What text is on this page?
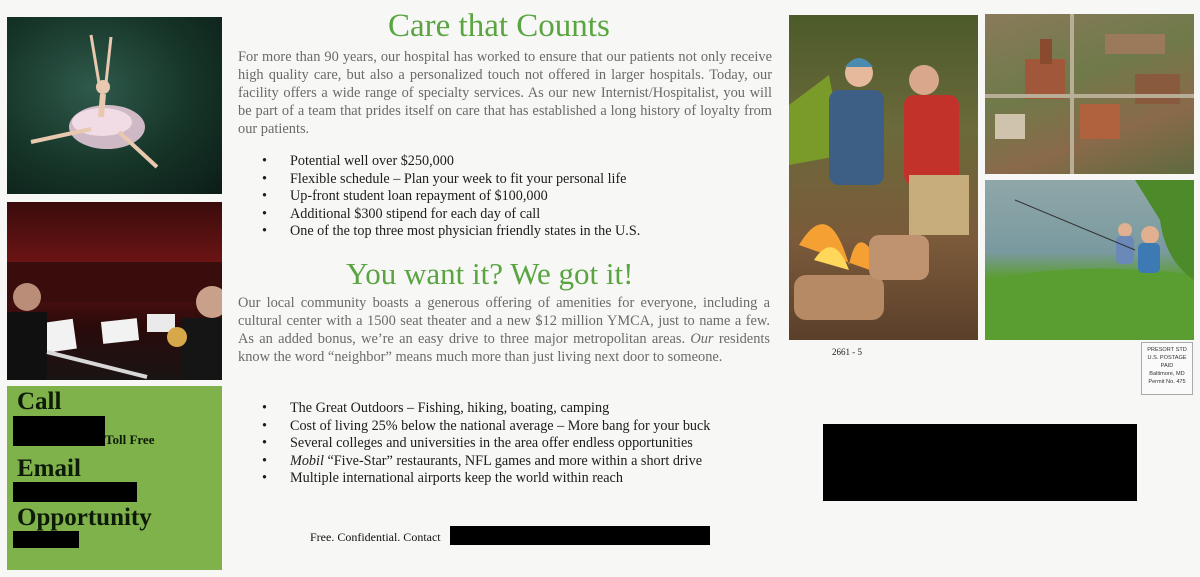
Call
Toll Free
Email
Opportunity
Care that Counts
For more than 90 years, our hospital has worked to ensure that our patients not only receive high quality care, but also a personalized touch not offered in larger hospitals. Today, our facility offers a wide range of specialty services. As our new Internist/Hospitalist, you will be part of a team that prides itself on care that has established a long history of loyalty from our patients.
• Potential well over $250,000
• Flexible schedule – Plan your week to fit your personal life
• Up-front student loan repayment of $100,000
• Additional $300 stipend for each day of call
• One of the top three most physician friendly states in the U.S.
You want it? We got it!
Our local community boasts a generous offering of amenities for everyone, including a cultural center with a 1500 seat theater and a new $12 million YMCA, just to name a few. As an added bonus, we’re an easy drive to three major metropolitan areas. Our residents know the word “neighbor” means much more than just living next door to someone.
• The Great Outdoors – Fishing, hiking, boating, camping
• Cost of living 25% below the national average – More bang for your buck
• Several colleges and universities in the area offer endless opportunities
• Mobil “Five-Star” restaurants, NFL games and more within a short drive
• Multiple international airports keep the world within reach
Free. Confidential. Contact
2661 - 5	PRESORT STD
U.S. POSTAGE
PAID
Baltimore, MD
Permit No. 475
